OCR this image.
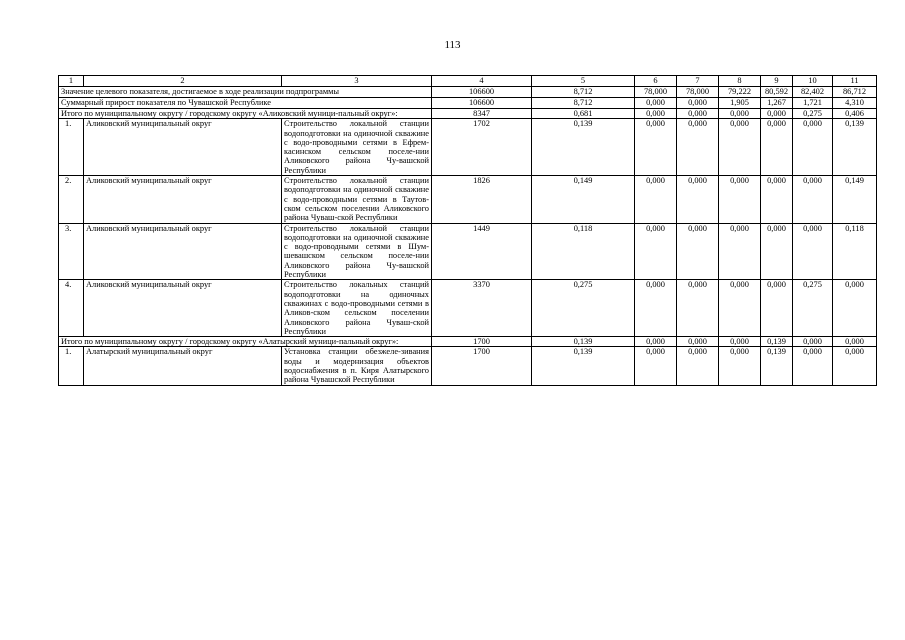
113
1	2	3	4	5	6	7	8	9	10	11
Значение целевого показателя, достигаемое в ходе реализации подпрограммы			106600	8,712	78,000	78,000	79,222	80,592	82,402	86,712
Суммарный прирост показателя по Чувашской Республике			106600	8,712	0,000	0,000	1,905	1,267	1,721	4,310
Итого по муниципальному округу / городскому округу «Аликовский муници-пальный округ»:			8347	0,681	0,000	0,000	0,000	0,000	0,275	0,406

1.	Аликовский муниципальный округ	Строительство локальной станции водоподготовки на одиночной скважине с водо-проводными сетями в Ефрем-касинском сельском поселе-нии Аликовского района Чу-вашской Республики	1702	0,139	0,000	0,000	0,000	0,000	0,000	0,139

2.	Аликовский муниципальный округ	Строительство локальной станции водоподготовки на одиночной скважине с водо-проводными сетями в Таутов-ском сельском поселении Аликовского района Чуваш-ской Республики	1826	0,149	0,000	0,000	0,000	0,000	0,000	0,149

3.	Аликовский муниципальный округ	Строительство локальной станции водоподготовки на одиночной скважине с водо-проводными сетями в Шум-шевашском сельском поселе-нии Аликовского района Чу-вашской Республики	1449	0,118	0,000	0,000	0,000	0,000	0,000	0,118

4.	Аликовский муниципальный округ	Строительство локальных станций водоподготовки на одиночных скважинах с водо-проводными сетями в Аликов-ском сельском поселении Аликовского района Чуваш-ской Республики	3370	0,275	0,000	0,000	0,000	0,000	0,275	0,000
Итого по муниципальному округу / городскому округу «Алатырский муници-пальный округ»:			1700	0,139	0,000	0,000	0,000	0,139	0,000	0,000

1.	Алатырский муниципальный округ	Установка станции обезжеле-зивания воды и модернизация объектов водоснабжения в п. Киря Алатырского района Чувашской Республики	1700	0,139	0,000	0,000	0,000	0,139	0,000	0,000
